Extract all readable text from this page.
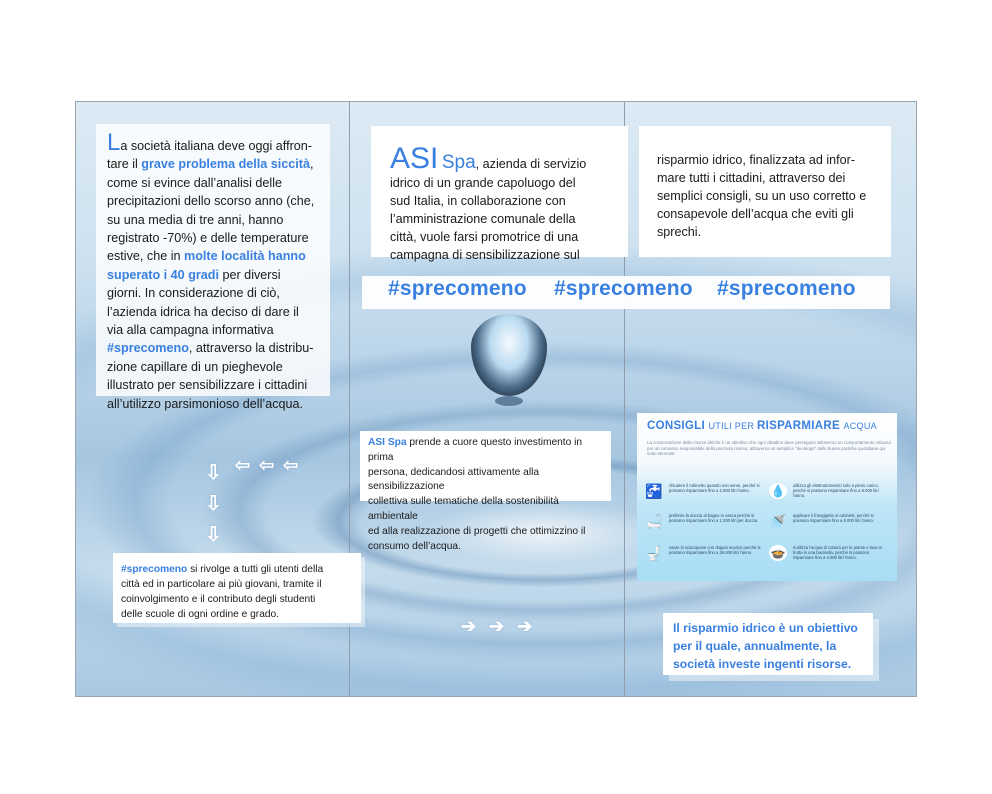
La società italiana deve oggi affron-
tare il grave problema della siccità,
come si evince dall’analisi delle
precipitazioni dello scorso anno (che,
su una media di tre anni, hanno
registrato -70%) e delle temperature
estive, che in molte località hanno
superato i 40 gradi per diversi
giorni. In considerazione di ciò,
l’azienda idrica ha deciso di dare il
via alla campagna informativa
#sprecomeno, attraverso la distribu-
zione capillare di un pieghevole
illustrato per sensibilizzare i cittadini
all’utilizzo parsimonioso dell’acqua.
⇦ ⇦ ⇦
⇩
⇩
⇩
#sprecomeno si rivolge a tutti gli utenti della
città ed in particolare ai più giovani, tramite il
coinvolgimento e il contributo degli studenti
delle scuole di ogni ordine e grado.
ASI Spa, azienda di servizio
idrico di un grande capoluogo del
sud Italia, in collaborazione con
l’amministrazione comunale della
città, vuole farsi promotrice di una
campagna di sensibilizzazione sul
ASI Spa prende a cuore questo investimento in prima
persona, dedicandosi attivamente alla sensibilizzazione
collettiva sulle tematiche della sostenibilità ambientale
ed alla realizzazione di progetti che ottimizzino il
consumo dell’acqua.
➔ ➔ ➔
risparmio idrico, finalizzata ad infor-
mare tutti i cittadini, attraverso dei
semplici consigli, su un uso corretto e
consapevole dell’acqua che eviti gli
sprechi.
#sprecomeno #sprecomeno #sprecomeno
CONSIGLI UTILI PER RISPARMIARE ACQUA
La conservazione delle risorse idriche è un obiettivo che ogni cittadino deve perseguire attraverso un comportamento virtuoso per un consumo responsabile della preziosa risorsa, attraverso un semplice "decalogo" delle buone pratiche quotidiane qui sotto elencate:
🚰 chiudere il rubinetto quando non serve, perché si possono risparmiare fino a 2.000 litri l'anno.	💧	utilizza gli elettrodomestici solo a pieno carico, perché si possono risparmiare fino a 8.000 litri l'anno.
🛁 preferire la doccia al bagno in vasca perché si possono risparmiare fino a 1.200 litri per doccia. 🚿 applicare il frangigetto ai rubinetti, perché si possono risparmiare fino a 6.000 litri l'anno.
🚽 usare lo sciacquone con doppio scarico perché si possono risparmiare fino a 26.000 litri l'anno.	🍲	riutilizza l'acqua di cottura per le piante e lava la frutta in una bacinella, perché si possono risparmiare fino a 4.000 litri l'anno.
Il risparmio idrico è un obiettivo
per il quale, annualmente, la
società investe ingenti risorse.
